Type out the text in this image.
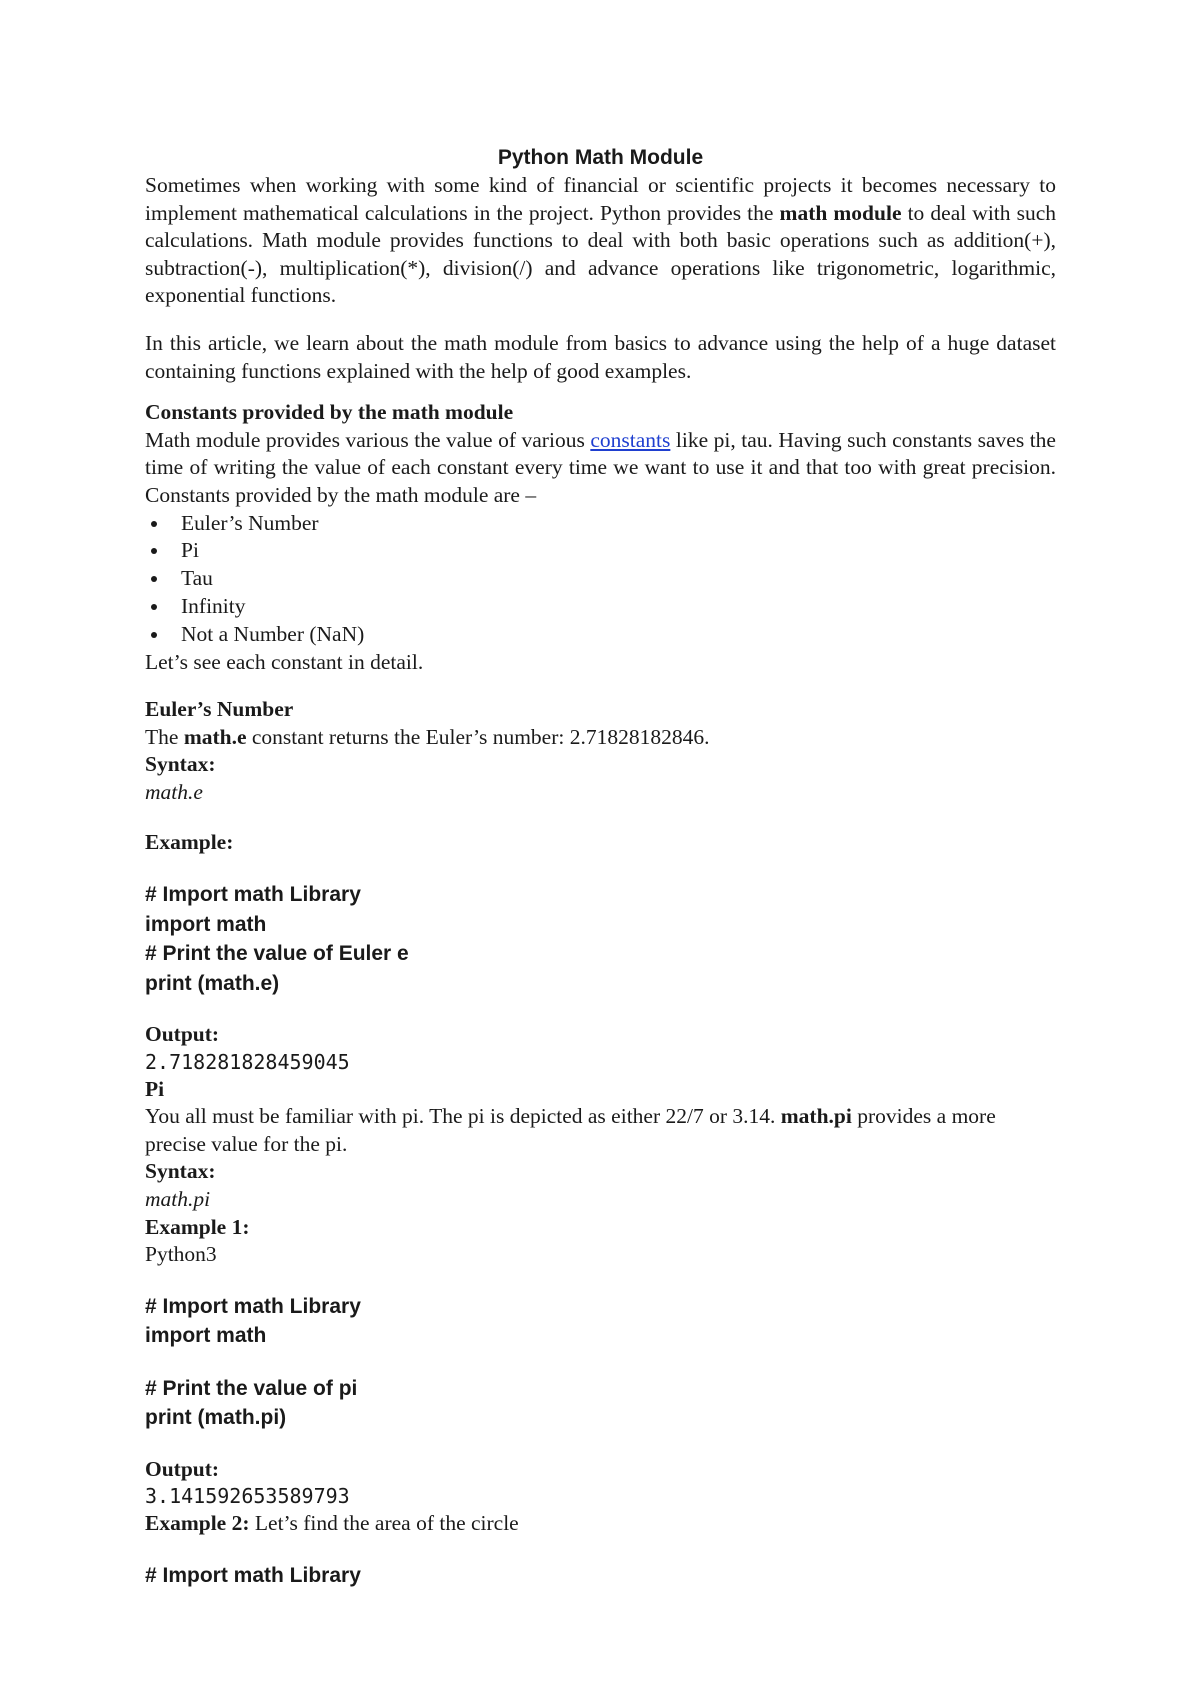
Python Math Module

Sometimes when working with some kind of financial or scientific projects it becomes necessary to implement mathematical calculations in the project. Python provides the math module to deal with such calculations. Math module provides functions to deal with both basic operations such as addition(+), subtraction(-), multiplication(*), division(/) and advance operations like trigonometric, logarithmic, exponential functions.

In this article, we learn about the math module from basics to advance using the help of a huge dataset containing functions explained with the help of good examples.

Constants provided by the math module

Math module provides various the value of various constants like pi, tau. Having such constants saves the time of writing the value of each constant every time we want to use it and that too with great precision. Constants provided by the math module are –

Euler’s Number
Pi
Tau
Infinity
Not a Number (NaN)

Let’s see each constant in detail.

Euler’s Number

The math.e constant returns the Euler’s number: 2.71828182846.

Syntax:

math.e

Example:

# Import math Library
import math
# Print the value of Euler e
print (math.e)

Output:

2.718281828459045

Pi

You all must be familiar with pi. The pi is depicted as either 22/7 or 3.14. math.pi provides a more precise value for the pi.

Syntax:

math.pi

Example 1:

Python3

# Import math Library
import math
# Print the value of pi
print (math.pi)

Output:

3.141592653589793

Example 2: Let’s find the area of the circle

# Import math Library
